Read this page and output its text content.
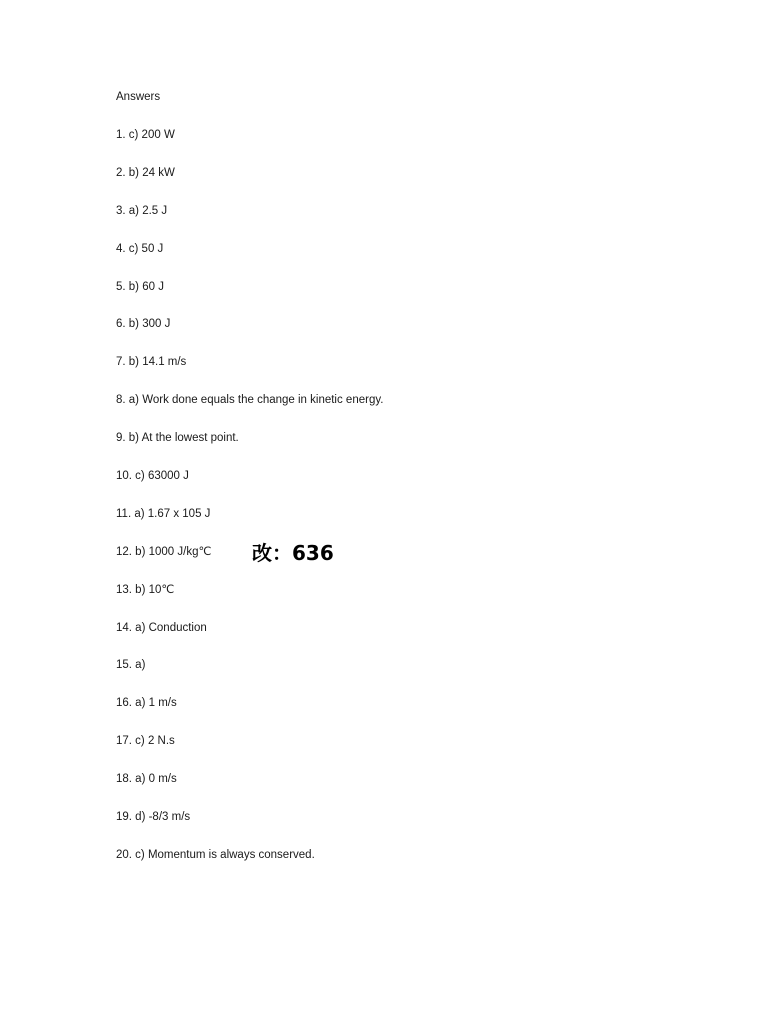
Answers
1. c) 200 W
2. b) 24 kW
3. a) 2.5 J
4. c) 50 J
5. b) 60 J
6. b) 300 J
7. b) 14.1 m/s
8. a) Work done equals the change in kinetic energy.
9. b) At the lowest point.
10. c) 63000 J
11. a) 1.67 x 105 J
12. b) 1000 J/kg℃
13. b) 10℃
14. a) Conduction
15. a)
16. a) 1 m/s
17. c) 2 N.s
18. a) 0 m/s
19. d) -8/3 m/s
20. c) Momentum is always conserved.
改：636
